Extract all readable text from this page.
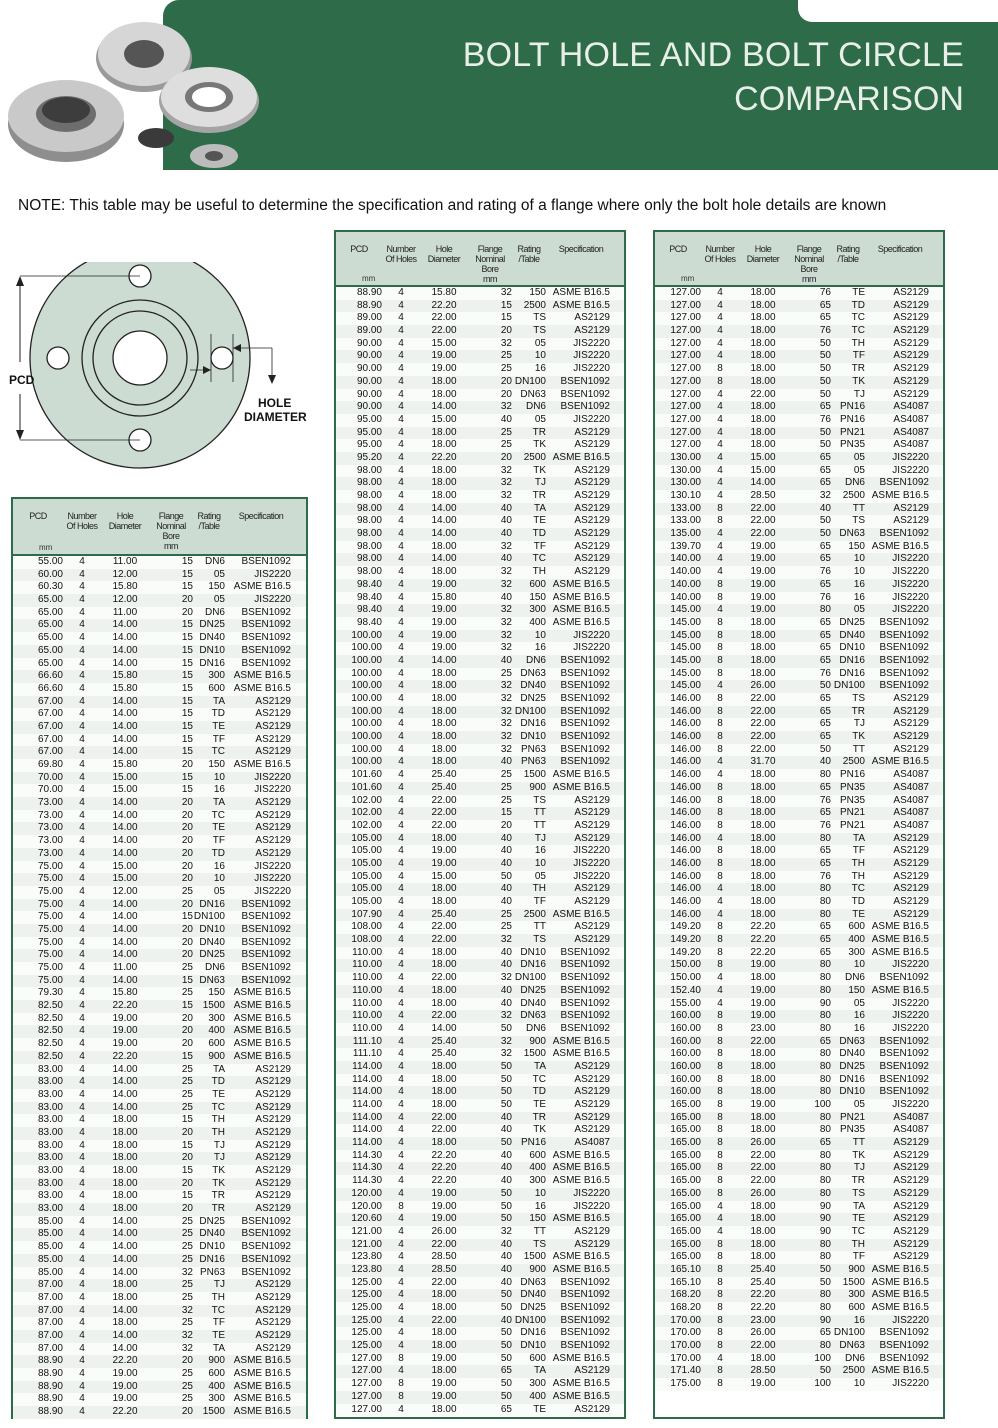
BOLT HOLE AND BOLT CIRCLE
COMPARISON
NOTE: This table may be useful to determine the specification and rating of a flange where only the bolt hole details are known
PCD
HOLE
DIAMETER
PCD	Number Of Holes
Hole Diameter
Flange Nominal Bore
mm
Rating /Table
Specification
mm
55.00	4	11.00	15	DN6	BSEN1092
60.00	4	12.00	15	05	JIS2220
60.30	4	15.80	15	150 ASME B16.5
65.00	4	12.00	20	05	JIS2220
65.00	4	11.00	20	DN6	BSEN1092
65.00	4	14.00	15 DN25	BSEN1092
65.00	4	14.00	15 DN40	BSEN1092
65.00	4	14.00	15 DN10	BSEN1092
65.00	4	14.00	15 DN16	BSEN1092
66.60	4	15.80	15	300 ASME B16.5
66.60	4	15.80	15	600 ASME B16.5
67.00	4	14.00	15	TA	AS2129
67.00	4	14.00	15	TD	AS2129
67.00	4	14.00	15	TE	AS2129
67.00	4	14.00	15	TF	AS2129
67.00	4	14.00	15	TC	AS2129
69.80	4	15.80	20	150 ASME B16.5
70.00	4	15.00	15	10	JIS2220
70.00	4	15.00	15	16	JIS2220
73.00	4	14.00	20	TA	AS2129
73.00	4	14.00	20	TC	AS2129
73.00	4	14.00	20	TE	AS2129
73.00	4	14.00	20	TF	AS2129
73.00	4	14.00	20	TD	AS2129
75.00	4	15.00	20	16	JIS2220
75.00	4	15.00	20	10	JIS2220
75.00	4	12.00	25	05	JIS2220
75.00	4	14.00	20 DN16	BSEN1092
75.00	4	14.00	15 DN100	BSEN1092
75.00	4	14.00	20 DN10	BSEN1092
75.00	4	14.00	20 DN40	BSEN1092
75.00	4	14.00	20 DN25	BSEN1092
75.00	4	11.00	25	DN6	BSEN1092
75.00	4	14.00	15 DN63	BSEN1092
79.30	4	15.80	25	150 ASME B16.5
82.50	4	22.20	15 1500 ASME B16.5
82.50	4	19.00	20	300 ASME B16.5
82.50	4	19.00	20	400 ASME B16.5
82.50	4	19.00	20	600 ASME B16.5
82.50	4	22.20	15	900 ASME B16.5
83.00	4	14.00	25	TA	AS2129
83.00	4	14.00	25	TD	AS2129
83.00	4	14.00	25	TE	AS2129
83.00	4	14.00	25	TC	AS2129
83.00	4	18.00	15	TH	AS2129
83.00	4	18.00	20	TH	AS2129
83.00	4	18.00	15	TJ	AS2129
83.00	4	18.00	20	TJ	AS2129
83.00	4	18.00	15	TK	AS2129
83.00	4	18.00	20	TK	AS2129
83.00	4	18.00	15	TR	AS2129
83.00	4	18.00	20	TR	AS2129
85.00	4	14.00	25 DN25	BSEN1092
85.00	4	14.00	25 DN40	BSEN1092
85.00	4	14.00	25 DN10	BSEN1092
85.00	4	14.00	25 DN16	BSEN1092
85.00	4	14.00	32 PN63	BSEN1092
87.00	4	18.00	25	TJ	AS2129
87.00	4	18.00	25	TH	AS2129
87.00	4	14.00	32	TC	AS2129
87.00	4	18.00	25	TF	AS2129
87.00	4	14.00	32	TE	AS2129
87.00	4	14.00	32	TA	AS2129
88.90	4	22.20	20	900 ASME B16.5
88.90	4	19.00	25	600 ASME B16.5
88.90	4	19.00	25	400 ASME B16.5
88.90	4	19.00	25	300 ASME B16.5
88.90	4	22.20	20 1500 ASME B16.5
PCD	Number Of Holes
Hole Diameter
Flange Nominal Bore
mm
Rating /Table
Specification
mm
88.90	4	15.80	32	150 ASME B16.5
88.90	4	22.20	15	2500 ASME B16.5
89.00	4	22.00	15	TS	AS2129
89.00	4	22.00	20	TS	AS2129
90.00	4	15.00	32	05	JIS2220
90.00	4	19.00	25	10	JIS2220
90.00	4	19.00	25	16	JIS2220
90.00	4	18.00	20 DN100	BSEN1092
90.00	4	18.00	20 DN63	BSEN1092
90.00	4	14.00	32	DN6	BSEN1092
95.00	4	15.00	40	05	JIS2220
95.00	4	18.00	25	TR	AS2129
95.00	4	18.00	25	TK	AS2129
95.20	4	22.20	20	2500 ASME B16.5
98.00	4	18.00	32	TK	AS2129
98.00	4	18.00	32	TJ	AS2129
98.00	4	18.00	32	TR	AS2129
98.00	4	14.00	40	TA	AS2129
98.00	4	14.00	40	TE	AS2129
98.00	4	14.00	40	TD	AS2129
98.00	4	18.00	32	TF	AS2129
98.00	4	14.00	40	TC	AS2129
98.00	4	18.00	32	TH	AS2129
98.40	4	19.00	32	600 ASME B16.5
98.40	4	15.80	40	150 ASME B16.5
98.40	4	19.00	32	300 ASME B16.5
98.40	4	19.00	32	400 ASME B16.5
100.00	4	19.00	32	10	JIS2220
100.00	4	19.00	32	16	JIS2220
100.00	4	14.00	40	DN6	BSEN1092
100.00	4	18.00	25 DN63	BSEN1092
100.00	4	18.00	32 DN40	BSEN1092
100.00	4	18.00	32 DN25	BSEN1092
100.00	4	18.00	32 DN100	BSEN1092
100.00	4	18.00	32 DN16	BSEN1092
100.00	4	18.00	32 DN10	BSEN1092
100.00	4	18.00	32 PN63	BSEN1092
100.00	4	18.00	40 PN63	BSEN1092
101.60	4	25.40	25	1500 ASME B16.5
101.60	4	25.40	25	900 ASME B16.5
102.00	4	22.00	25	TS	AS2129
102.00	4	22.00	15	TT	AS2129
102.00	4	22.00	20	TT	AS2129
105.00	4	18.00	40	TJ	AS2129
105.00	4	19.00	40	16	JIS2220
105.00	4	19.00	40	10	JIS2220
105.00	4	15.00	50	05	JIS2220
105.00	4	18.00	40	TH	AS2129
105.00	4	18.00	40	TF	AS2129
107.90	4	25.40	25	2500 ASME B16.5
108.00	4	22.00	25	TT	AS2129
108.00	4	22.00	32	TS	AS2129
110.00	4	18.00	40 DN10	BSEN1092
110.00	4	18.00	40 DN16	BSEN1092
110.00	4	22.00	32 DN100	BSEN1092
110.00	4	18.00	40 DN25	BSEN1092
110.00	4	18.00	40 DN40	BSEN1092
110.00	4	22.00	32 DN63	BSEN1092
110.00	4	14.00	50	DN6	BSEN1092
111.10	4	25.40	32	900 ASME B16.5
111.10	4	25.40	32	1500 ASME B16.5
114.00	4	18.00	50	TA	AS2129
114.00	4	18.00	50	TC	AS2129
114.00	4	18.00	50	TD	AS2129
114.00	4	18.00	50	TE	AS2129
114.00	4	22.00	40	TR	AS2129
114.00	4	22.00	40	TK	AS2129
114.00	4	18.00	50 PN16	AS4087
114.30	4	22.20	40	600 ASME B16.5
114.30	4	22.20	40	400 ASME B16.5
114.30	4	22.20	40	300 ASME B16.5
120.00	4	19.00	50	10	JIS2220
120.00	8	19.00	50	16	JIS2220
120.60	4	19.00	50	150 ASME B16.5
121.00	4	26.00	32	TT	AS2129
121.00	4	22.00	40	TS	AS2129
123.80	4	28.50	40	1500 ASME B16.5
123.80	4	28.50	40	900 ASME B16.5
125.00	4	22.00	40 DN63	BSEN1092
125.00	4	18.00	50 DN40	BSEN1092
125.00	4	18.00	50 DN25	BSEN1092
125.00	4	22.00	40 DN100	BSEN1092
125.00	4	18.00	50 DN16	BSEN1092
125.00	4	18.00	50 DN10	BSEN1092
127.00	8	19.00	50	600 ASME B16.5
127.00	4	18.00	65	TA	AS2129
127.00	8	19.00	50	300 ASME B16.5
127.00	8	19.00	50	400 ASME B16.5
127.00	4	18.00	65	TE	AS2129
PCD	Number Of Holes
Hole Diameter
Flange Nominal Bore
mm
Rating /Table
Specification
mm
127.00	4	18.00	76	TE	AS2129
127.00	4	18.00	65	TD	AS2129
127.00	4	18.00	65	TC	AS2129
127.00	4	18.00	76	TC	AS2129
127.00	4	18.00	50	TH	AS2129
127.00	4	18.00	50	TF	AS2129
127.00	8	18.00	50	TR	AS2129
127.00	8	18.00	50	TK	AS2129
127.00	4	22.00	50	TJ	AS2129
127.00	4	18.00	65 PN16	AS4087
127.00	4	18.00	76 PN16	AS4087
127.00	4	18.00	50 PN21	AS4087
127.00	4	18.00	50 PN35	AS4087
130.00	4	15.00	65	05	JIS2220
130.00	4	15.00	65	05	JIS2220
130.00	4	14.00	65	DN6	BSEN1092
130.10	4	28.50	32	2500 ASME B16.5
133.00	8	22.00	40	TT	AS2129
133.00	8	22.00	50	TS	AS2129
135.00	4	22.00	50 DN63	BSEN1092
139.70	4	19.00	65	150 ASME B16.5
140.00	4	19.00	65	10	JIS2220
140.00	4	19.00	76	10	JIS2220
140.00	8	19.00	65	16	JIS2220
140.00	8	19.00	76	16	JIS2220
145.00	4	19.00	80	05	JIS2220
145.00	8	18.00	65 DN25	BSEN1092
145.00	8	18.00	65 DN40	BSEN1092
145.00	8	18.00	65 DN10	BSEN1092
145.00	8	18.00	65 DN16	BSEN1092
145.00	8	18.00	76 DN16	BSEN1092
145.00	4	26.00	50 DN100	BSEN1092
146.00	8	22.00	65	TS	AS2129
146.00	8	22.00	65	TR	AS2129
146.00	8	22.00	65	TJ	AS2129
146.00	8	22.00	65	TK	AS2129
146.00	8	22.00	50	TT	AS2129
146.00	4	31.70	40	2500 ASME B16.5
146.00	4	18.00	80 PN16	AS4087
146.00	8	18.00	65 PN35	AS4087
146.00	8	18.00	76 PN35	AS4087
146.00	8	18.00	65 PN21	AS4087
146.00	8	18.00	76 PN21	AS4087
146.00	4	18.00	80	TA	AS2129
146.00	8	18.00	65	TF	AS2129
146.00	8	18.00	65	TH	AS2129
146.00	8	18.00	76	TH	AS2129
146.00	4	18.00	80	TC	AS2129
146.00	4	18.00	80	TD	AS2129
146.00	4	18.00	80	TE	AS2129
149.20	8	22.20	65	600 ASME B16.5
149.20	8	22.20	65	400 ASME B16.5
149.20	8	22.20	65	300 ASME B16.5
150.00	8	19.00	80	10	JIS2220
150.00	4	18.00	80	DN6	BSEN1092
152.40	4	19.00	80	150 ASME B16.5
155.00	4	19.00	90	05	JIS2220
160.00	8	19.00	80	16	JIS2220
160.00	8	23.00	80	16	JIS2220
160.00	8	22.00	65 DN63	BSEN1092
160.00	8	18.00	80 DN40	BSEN1092
160.00	8	18.00	80 DN25	BSEN1092
160.00	8	18.00	80 DN16	BSEN1092
160.00	8	18.00	80 DN10	BSEN1092
165.00	8	19.00	100	05	JIS2220
165.00	8	18.00	80 PN21	AS4087
165.00	8	18.00	80 PN35	AS4087
165.00	8	26.00	65	TT	AS2129
165.00	8	22.00	80	TK	AS2129
165.00	8	22.00	80	TJ	AS2129
165.00	8	22.00	80	TR	AS2129
165.00	8	26.00	80	TS	AS2129
165.00	4	18.00	90	TA	AS2129
165.00	4	18.00	90	TE	AS2129
165.00	4	18.00	90	TC	AS2129
165.00	8	18.00	80	TH	AS2129
165.00	8	18.00	80	TF	AS2129
165.10	8	25.40	50	900 ASME B16.5
165.10	8	25.40	50	1500 ASME B16.5
168.20	8	22.20	80	300 ASME B16.5
168.20	8	22.20	80	600 ASME B16.5
170.00	8	23.00	90	16	JIS2220
170.00	8	26.00	65 DN100	BSEN1092
170.00	8	22.00	80 DN63	BSEN1092
170.00	4	18.00	100	DN6	BSEN1092
171.40	8	28.50	50	2500 ASME B16.5
175.00	8	19.00	100	10	JIS2220
